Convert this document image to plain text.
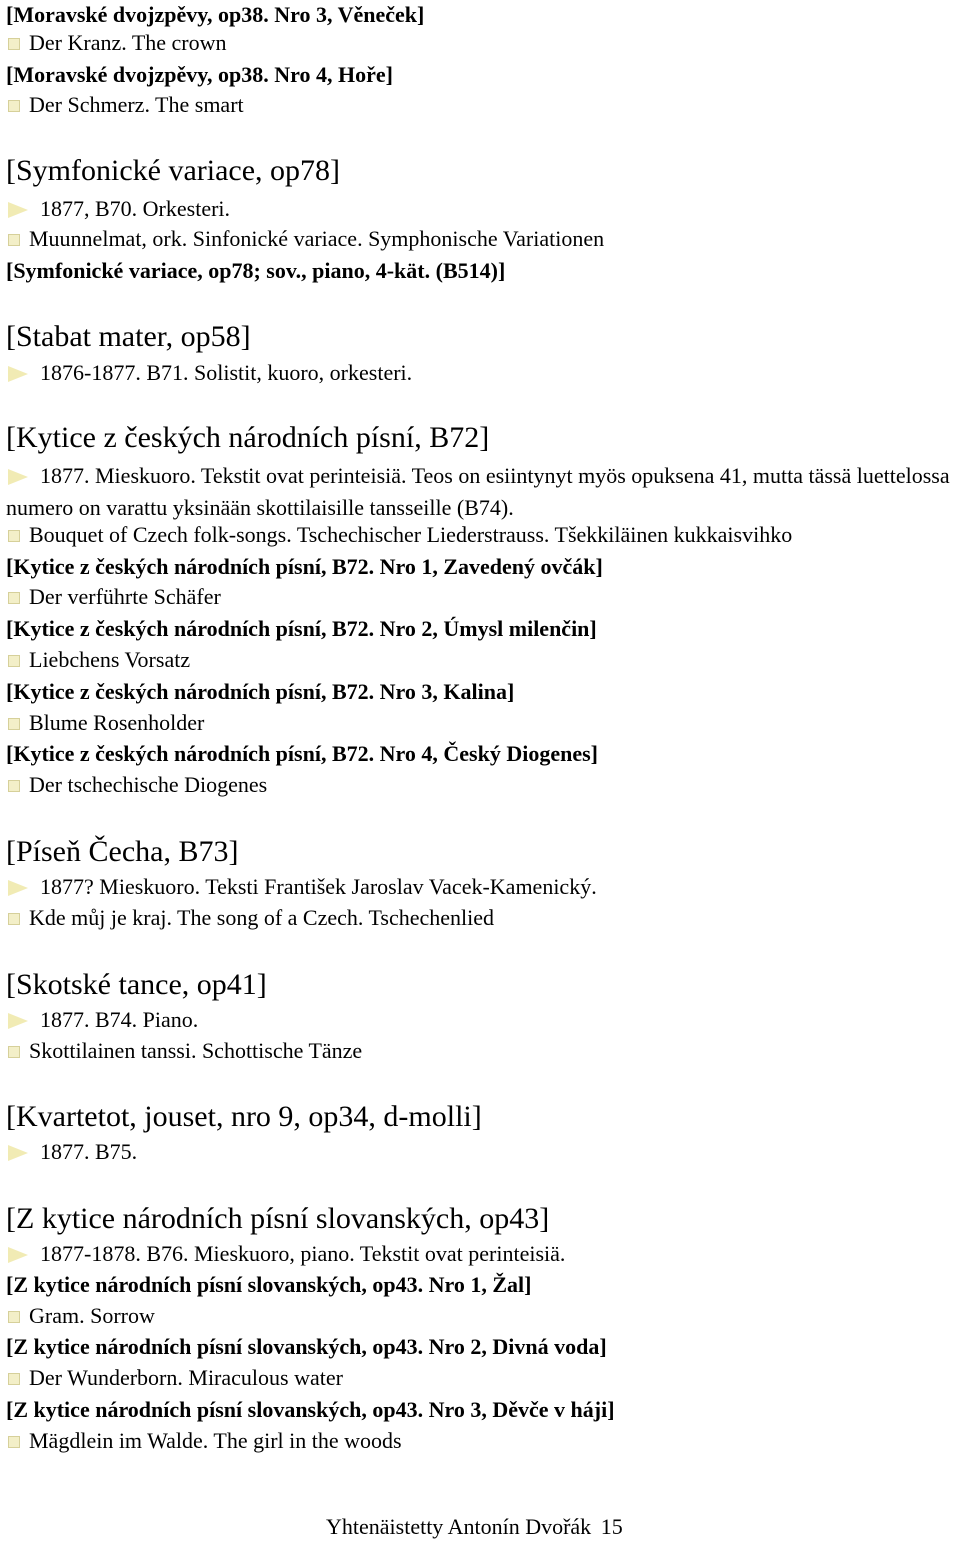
[Moravské dvojzpěvy, op38. Nro 3, Věneček]
Der Kranz. The crown
[Moravské dvojzpěvy, op38. Nro 4, Hoře]
Der Schmerz. The smart
[Symfonické variace, op78]
1877, B70. Orkesteri.
Muunnelmat, ork. Sinfonické variace. Symphonische Variationen
[Symfonické variace, op78; sov., piano, 4-kät. (B514)]
[Stabat mater, op58]
1876-1877. B71. Solistit, kuoro, orkesteri.
[Kytice z českých národních písní, B72]
1877. Mieskuoro. Tekstit ovat perinteisiä. Teos on esiintynyt myös opuksena 41, mutta tässä luettelossa numero on varattu yksinään skottilaisille tansseille (B74).
Bouquet of Czech folk-songs. Tschechischer Liederstrauss. Tšekkiläinen kukkaisvihko
[Kytice z českých národních písní, B72. Nro 1, Zavedený ovčák]
Der verführte Schäfer
[Kytice z českých národních písní, B72. Nro 2, Úmysl milenčin]
Liebchens Vorsatz
[Kytice z českých národních písní, B72. Nro 3, Kalina]
Blume Rosenholder
[Kytice z českých národních písní, B72. Nro 4, Český Diogenes]
Der tschechische Diogenes
[Píseň Čecha, B73]
1877? Mieskuoro. Teksti František Jaroslav Vacek-Kamenický.
Kde můj je kraj. The song of a Czech. Tschechenlied
[Skotské tance, op41]
1877. B74. Piano.
Skottilainen tanssi. Schottische Tänze
[Kvartetot, jouset, nro 9, op34, d-molli]
1877. B75.
[Z kytice národních písní slovanských, op43]
1877-1878. B76. Mieskuoro, piano. Tekstit ovat perinteisiä.
[Z kytice národních písní slovanských, op43. Nro 1, Žal]
Gram. Sorrow
[Z kytice národních písní slovanských, op43. Nro 2, Divná voda]
Der Wunderborn. Miraculous water
[Z kytice národních písní slovanských, op43. Nro 3, Děvče v háji]
Mägdlein im Walde. The girl in the woods
Yhtenäistetty Antonín Dvořák 15
